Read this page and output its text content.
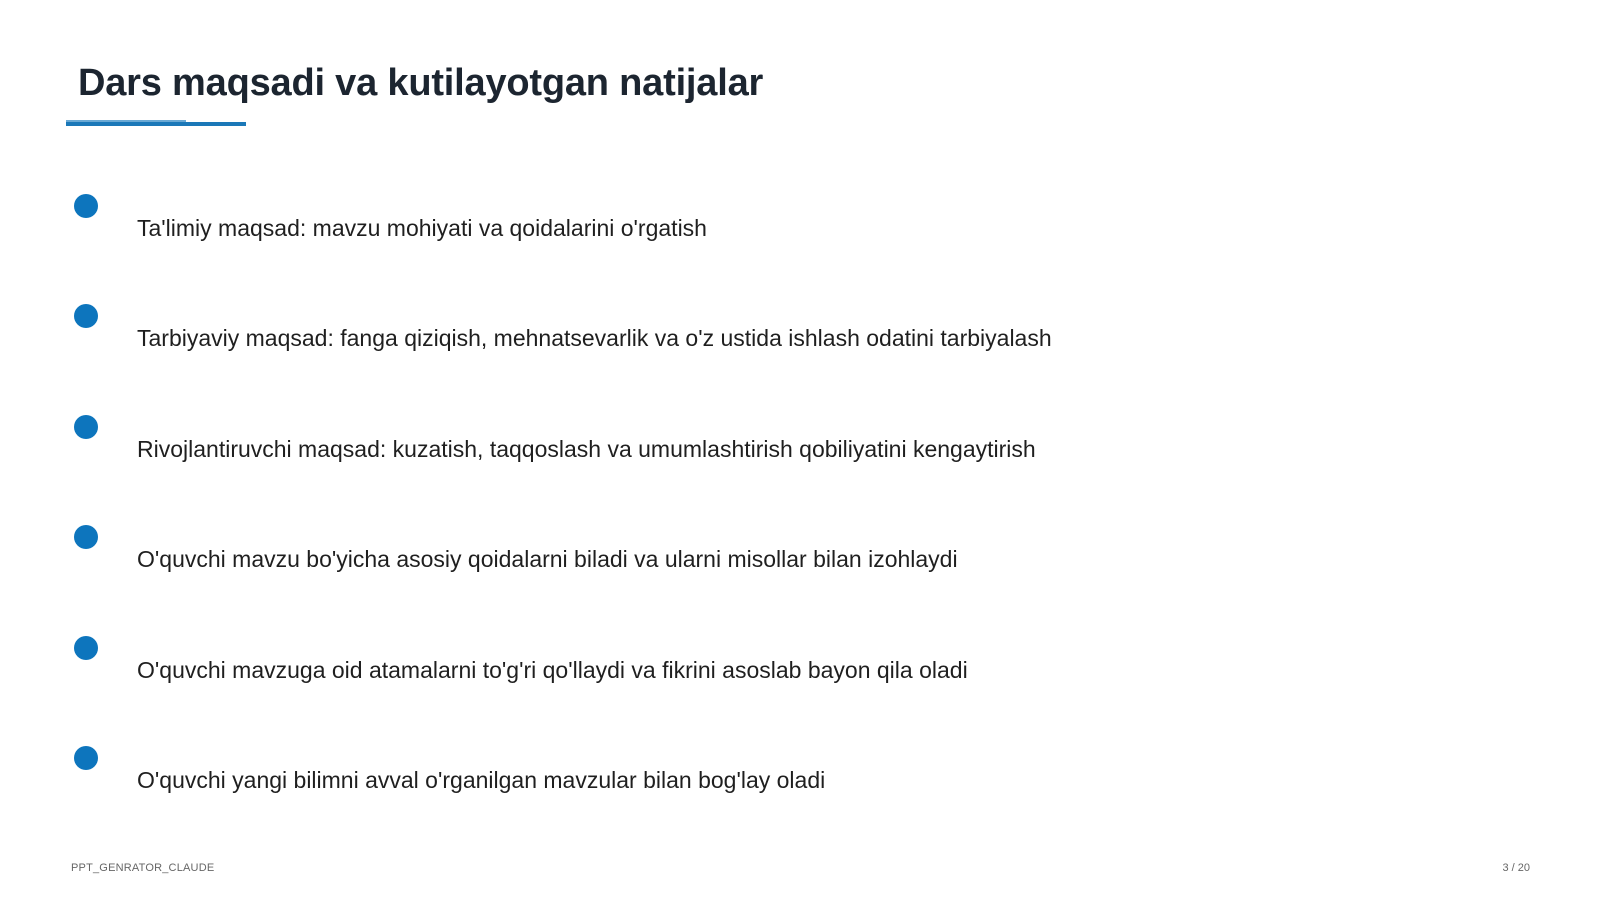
Dars maqsadi va kutilayotgan natijalar
Ta'limiy maqsad: mavzu mohiyati va qoidalarini o'rgatish
Tarbiyaviy maqsad: fanga qiziqish, mehnatsevarlik va o'z ustida ishlash odatini tarbiyalash
Rivojlantiruvchi maqsad: kuzatish, taqqoslash va umumlashtirish qobiliyatini kengaytirish
O'quvchi mavzu bo'yicha asosiy qoidalarni biladi va ularni misollar bilan izohlaydi
O'quvchi mavzuga oid atamalarni to'g'ri qo'llaydi va fikrini asoslab bayon qila oladi
O'quvchi yangi bilimni avval o'rganilgan mavzular bilan bog'lay oladi
PPT_GENRATOR_CLAUDE	3 / 20
